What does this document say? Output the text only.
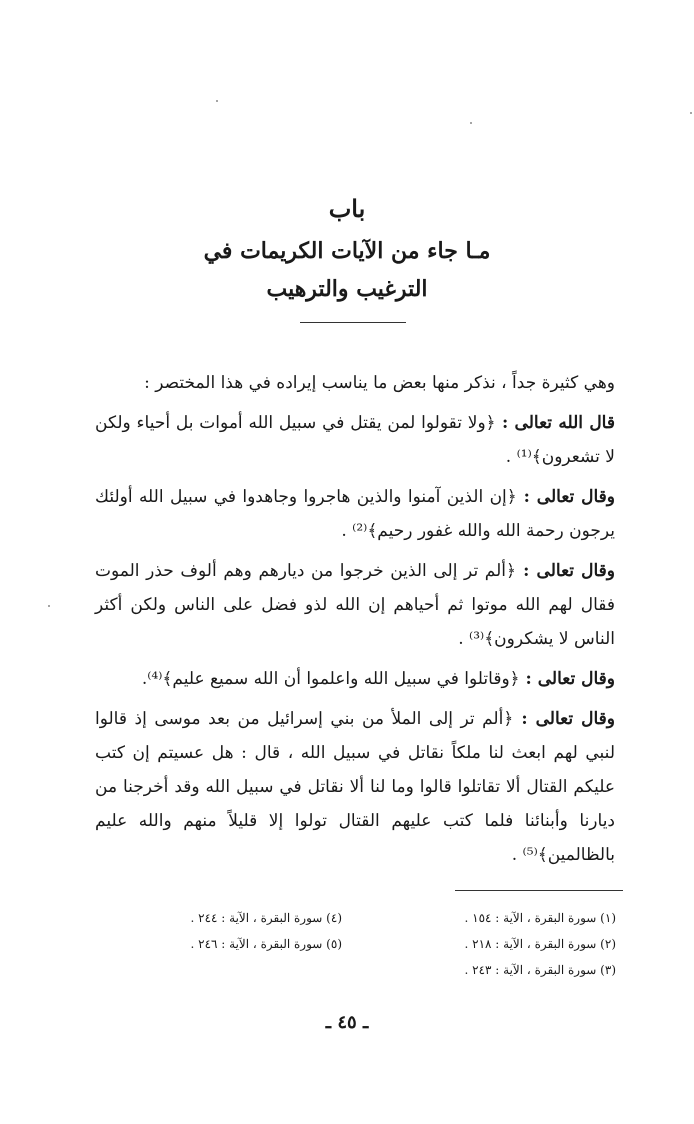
باب
مـا جاء من الآيات الكريمات في
الترغيب والترهيب

وهي كثيرة جداً ، نذكر منها بعض ما يناسب إيراده في هذا المختصر :

قال الله تعالى : ﴿ولا تقولوا لمن يقتل في سبيل الله أموات بل أحياء ولكن لا تشعرون﴾⁽¹⁾ .

وقال تعالى : ﴿إن الذين آمنوا والذين هاجروا وجاهدوا في سبيل الله أولئك يرجون رحمة الله والله غفور رحيم﴾⁽²⁾ .

وقال تعالى : ﴿ألم تر إلى الذين خرجوا من ديارهم وهم ألوف حذر الموت فقال لهم الله موتوا ثم أحياهم إن الله لذو فضل على الناس ولكن أكثر الناس لا يشكرون﴾⁽³⁾ .

وقال تعالى : ﴿وقاتلوا في سبيل الله واعلموا أن الله سميع عليم﴾⁽⁴⁾.

وقال تعالى : ﴿ألم تر إلى الملأ من بني إسرائيل من بعد موسى إذ قالوا لنبي لهم ابعث لنا ملكاً نقاتل في سبيل الله ، قال : هل عسيتم إن كتب عليكم القتال ألا تقاتلوا قالوا وما لنا ألا نقاتل في سبيل الله وقد أخرجنا من ديارنا وأبنائنا فلما كتب عليهم القتال تولوا إلا قليلاً منهم والله عليم بالظالمين﴾⁽⁵⁾ .

(١) سورة البقرة ، الآية : ١٥٤ .
(٢) سورة البقرة ، الآية : ٢١٨ .
(٣) سورة البقرة ، الآية : ٢٤٣ .
(٤) سورة البقرة ، الآية : ٢٤٤ .
(٥) سورة البقرة ، الآية : ٢٤٦ .
ـ ٤٥ ـ
